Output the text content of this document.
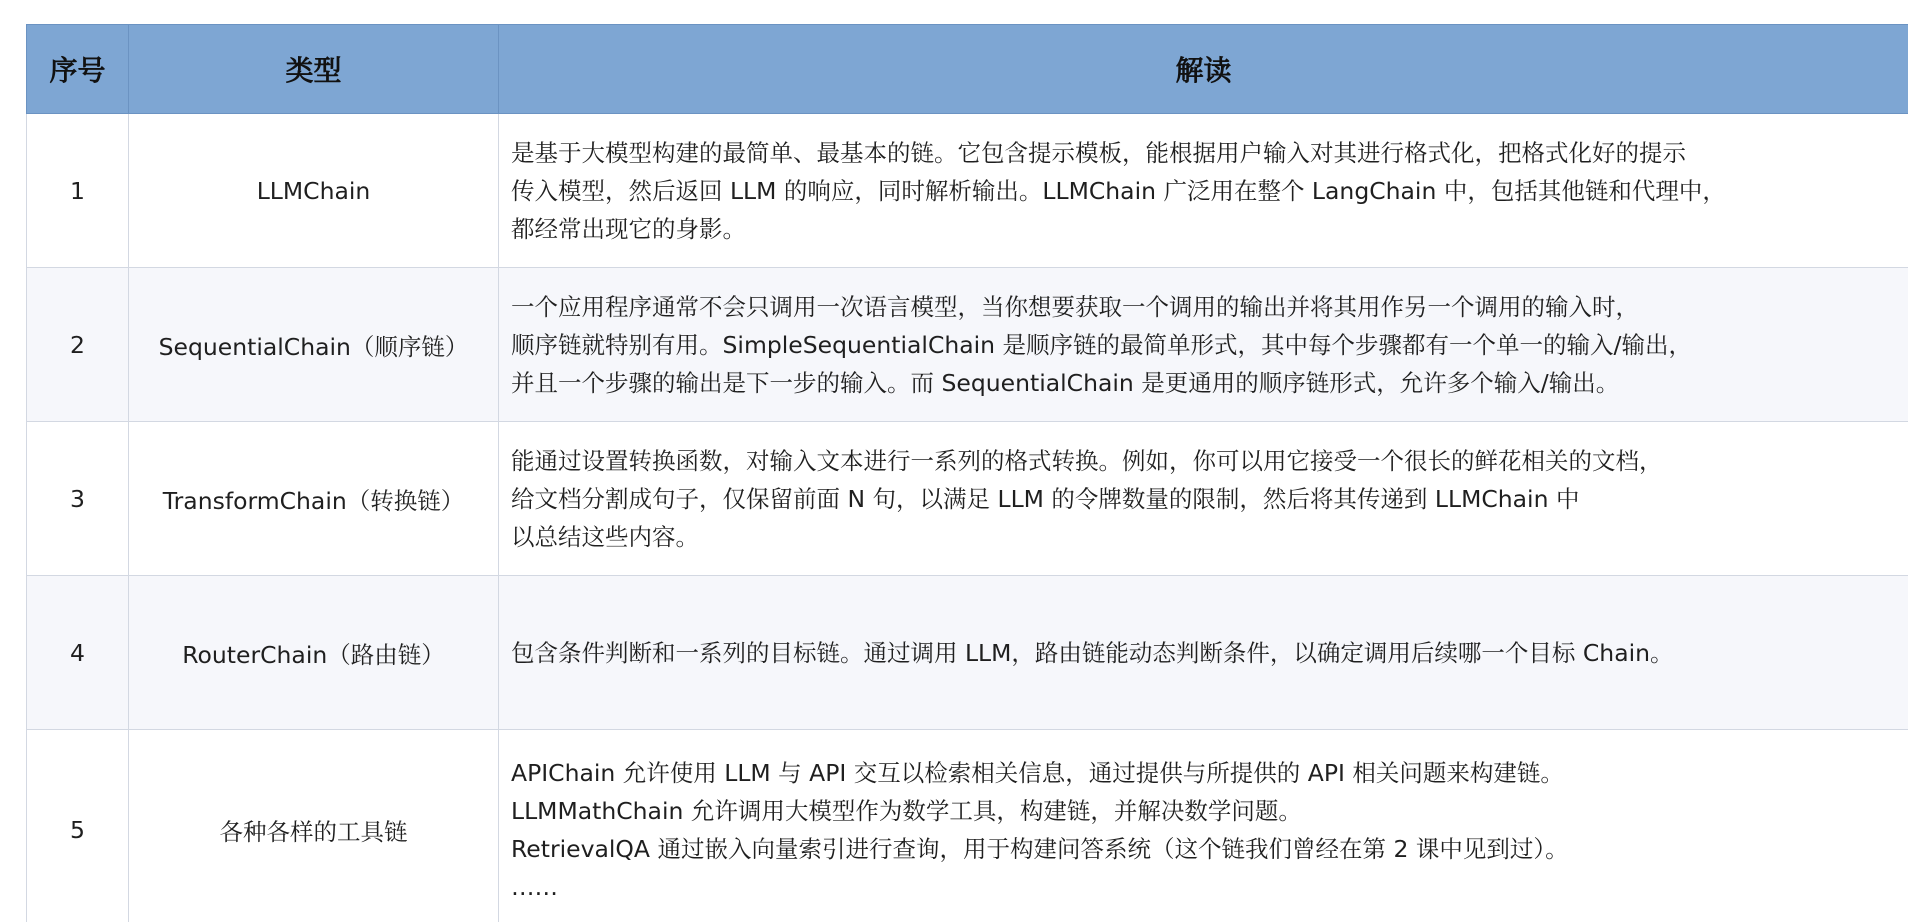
序号	类型	解读
1	LLMChain	是基于大模型构建的最简单、最基本的链。它包含提示模板，能根据用户输入对其进行格式化，把格式化好的提示
传入模型，然后返回 LLM 的响应，同时解析输出。LLMChain 广泛用在整个 LangChain 中，包括其他链和代理中，
都经常出现它的身影。

2	SequentialChain（顺序链）	一个应用程序通常不会只调用一次语言模型，当你想要获取一个调用的输出并将其用作另一个调用的输入时，
顺序链就特别有用。SimpleSequentialChain 是顺序链的最简单形式，其中每个步骤都有一个单一的输入/输出，
并且一个步骤的输出是下一步的输入。而 SequentialChain 是更通用的顺序链形式，允许多个输入/输出。

3	TransformChain（转换链）	能通过设置转换函数，对输入文本进行一系列的格式转换。例如，你可以用它接受一个很长的鲜花相关的文档，
给文档分割成句子，仅保留前面 N 句，以满足 LLM 的令牌数量的限制，然后将其传递到 LLMChain 中
以总结这些内容。

4	RouterChain（路由链）	包含条件判断和一系列的目标链。通过调用 LLM，路由链能动态判断条件，以确定调用后续哪一个目标 Chain。

5	各种各样的工具链	APIChain 允许使用 LLM 与 API 交互以检索相关信息，通过提供与所提供的 API 相关问题来构建链。
LLMMathChain 允许调用大模型作为数学工具，构建链，并解决数学问题。
RetrievalQA 通过嵌入向量索引进行查询，用于构建问答系统（这个链我们曾经在第 2 课中见到过）。
……
